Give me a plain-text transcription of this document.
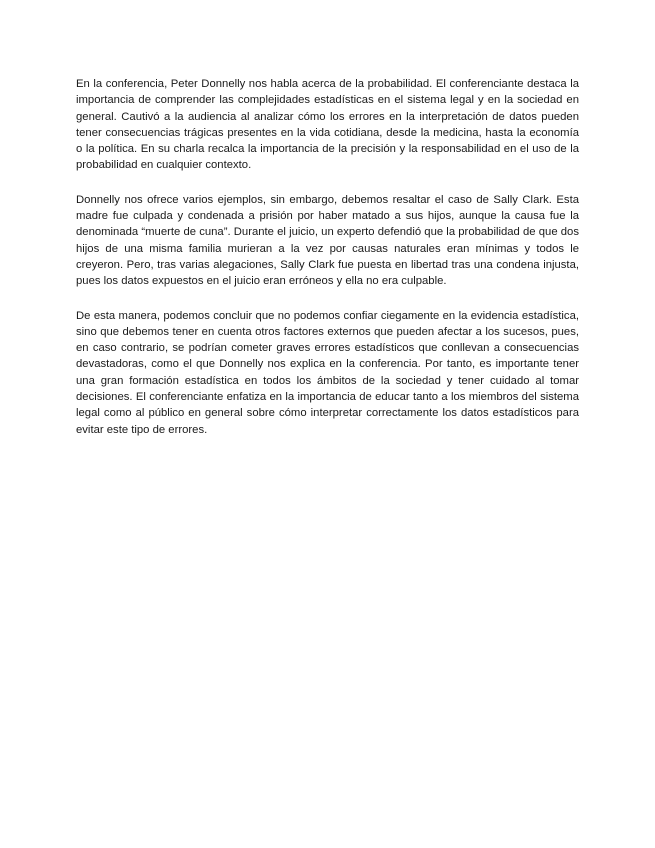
En la conferencia, Peter Donnelly nos habla acerca de la probabilidad. El conferenciante destaca la importancia de comprender las complejidades estadísticas en el sistema legal y en la sociedad en general. Cautivó a la audiencia al analizar cómo los errores en la interpretación de datos pueden tener consecuencias trágicas presentes en la vida cotidiana, desde la medicina, hasta la economía o la política. En su charla recalca la importancia de la precisión y la responsabilidad en el uso de la probabilidad en cualquier contexto.

Donnelly nos ofrece varios ejemplos, sin embargo, debemos resaltar el caso de Sally Clark. Esta madre fue culpada y condenada a prisión por haber matado a sus hijos, aunque la causa fue la denominada “muerte de cuna”. Durante el juicio, un experto defendió que la probabilidad de que dos hijos de una misma familia murieran a la vez por causas naturales eran mínimas y todos le creyeron. Pero, tras varias alegaciones, Sally Clark fue puesta en libertad tras una condena injusta, pues los datos expuestos en el juicio eran erróneos y ella no era culpable.

De esta manera, podemos concluir que no podemos confiar ciegamente en la evidencia estadística, sino que debemos tener en cuenta otros factores externos que pueden afectar a los sucesos, pues, en caso contrario, se podrían cometer graves errores estadísticos que conllevan a consecuencias devastadoras, como el que Donnelly nos explica en la conferencia. Por tanto, es importante tener una gran formación estadística en todos los ámbitos de la sociedad y tener cuidado al tomar decisiones. El conferenciante enfatiza en la importancia de educar tanto a los miembros del sistema legal como al público en general sobre cómo interpretar correctamente los datos estadísticos para evitar este tipo de errores.
